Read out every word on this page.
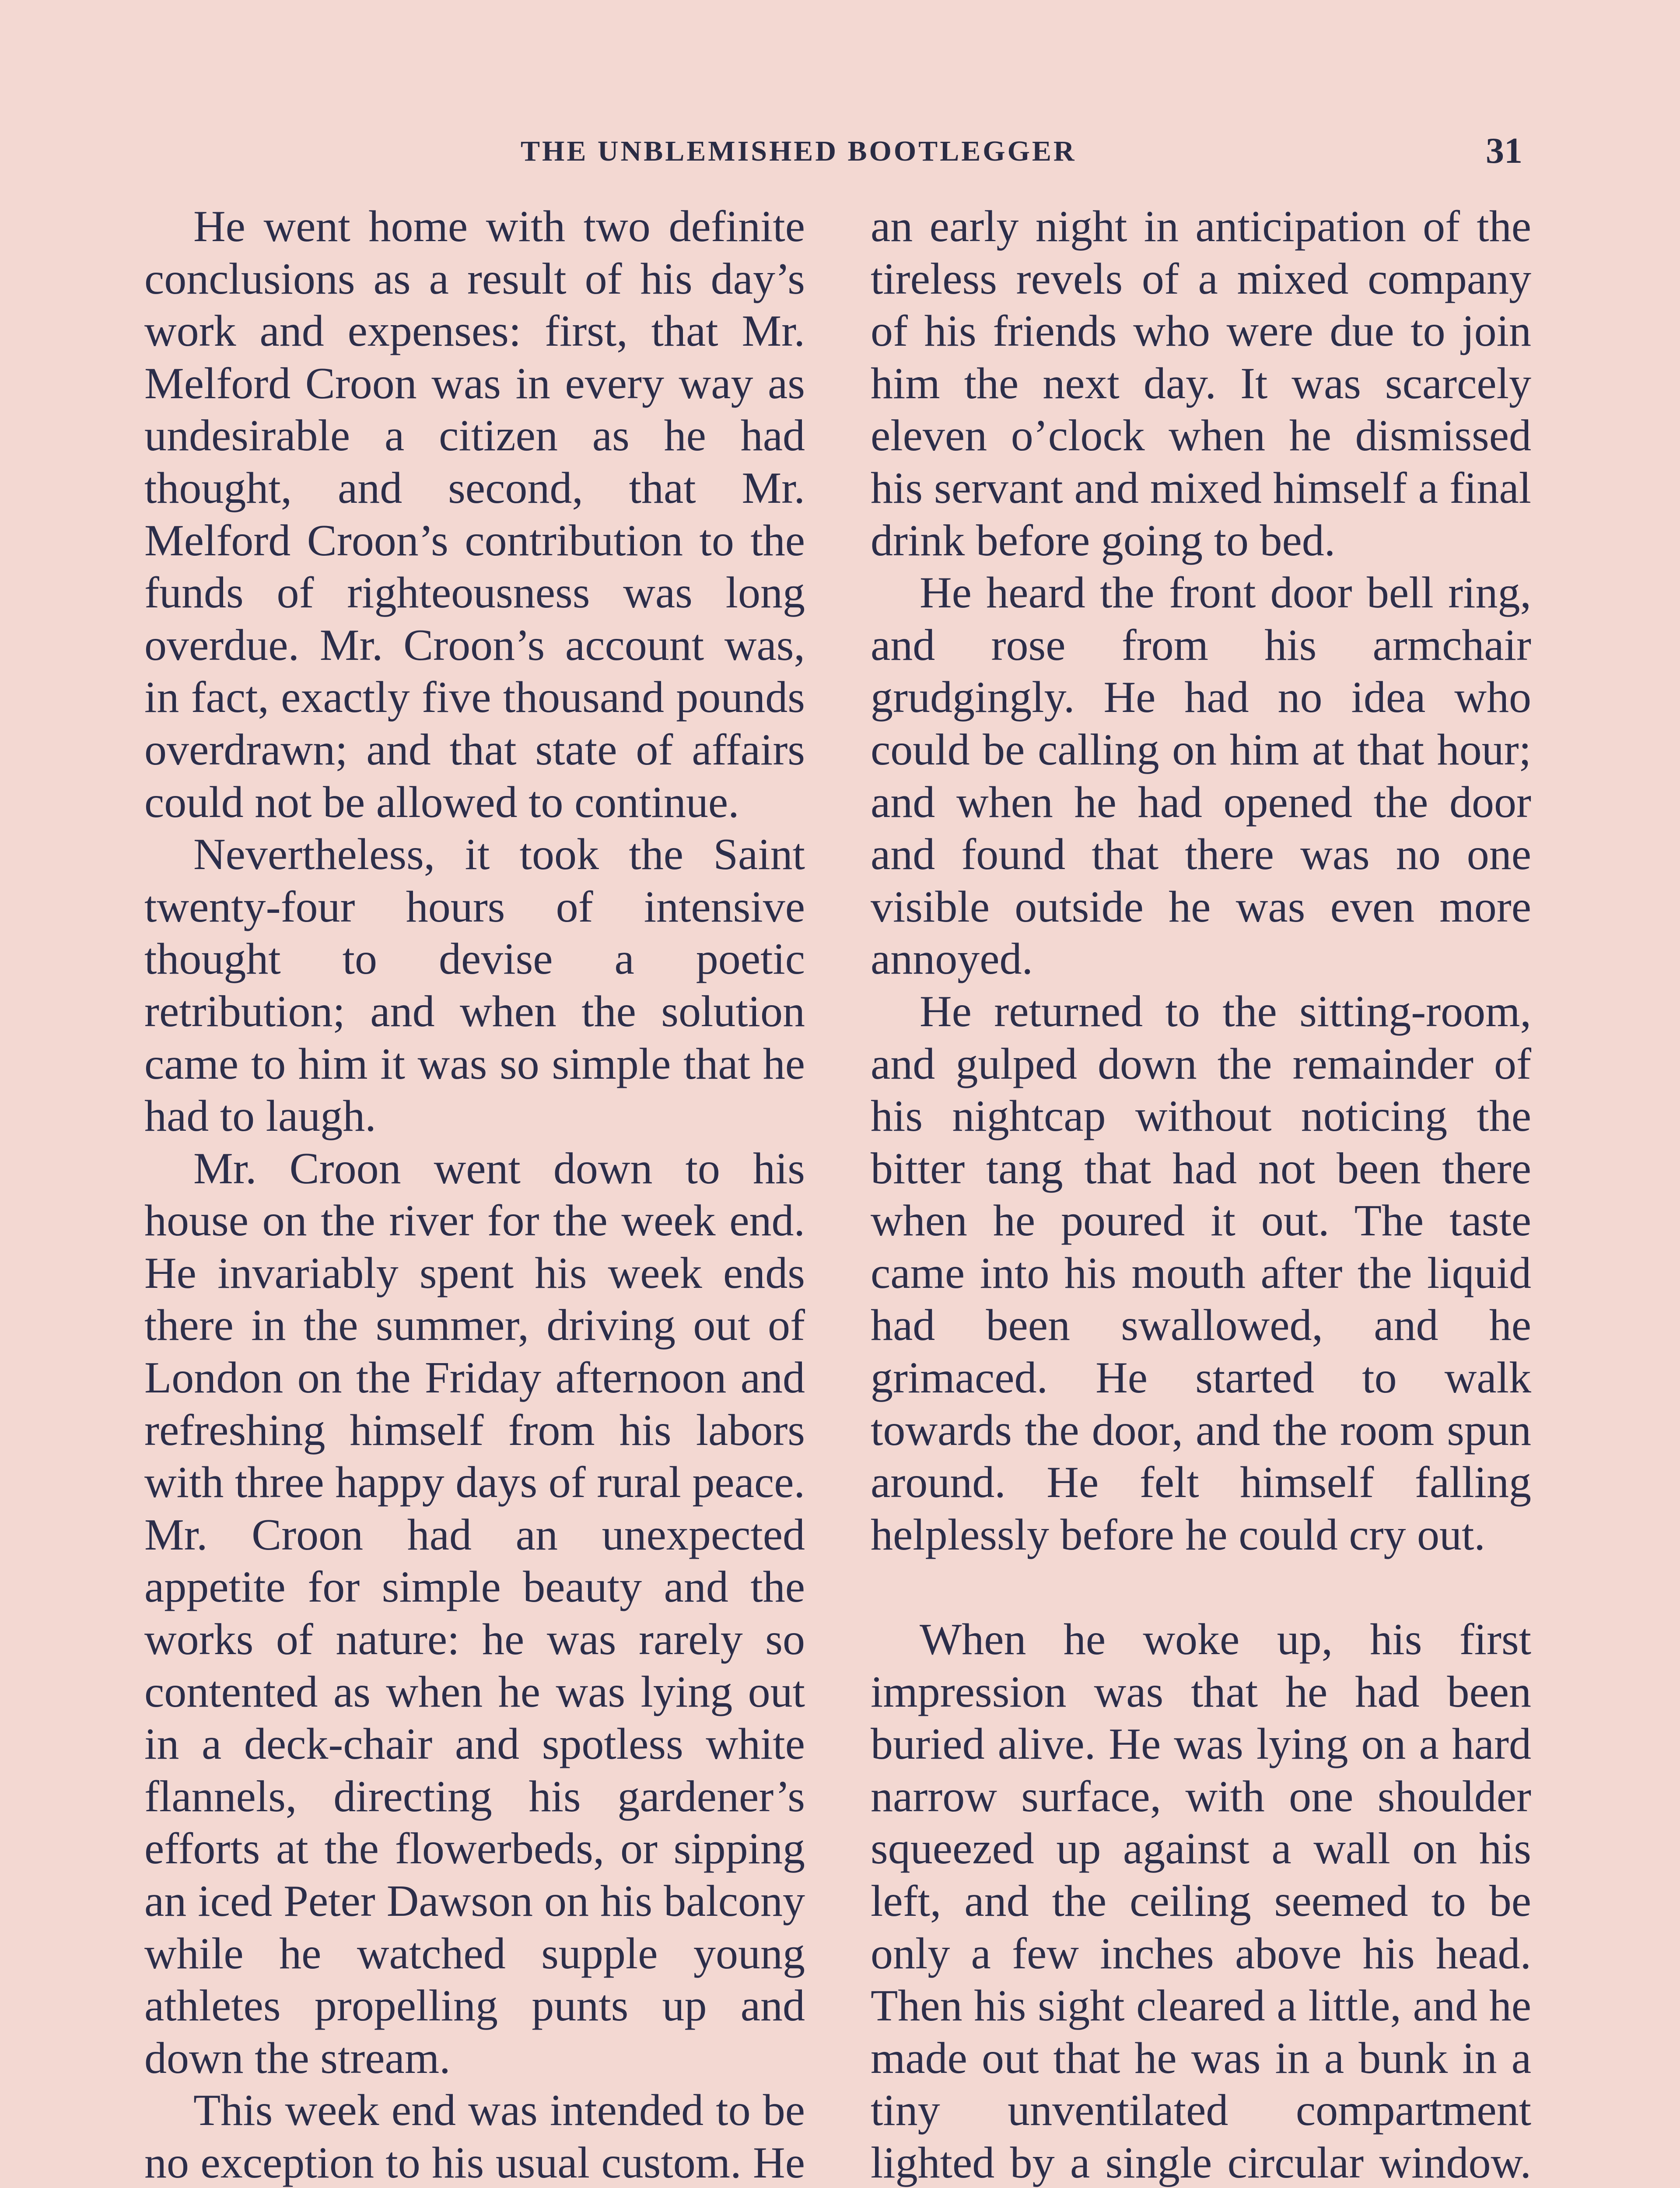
THE UNBLEMISHED BOOTLEGGER	31

He went home with two definite conclusions as a result of his day’s work and expenses: first, that Mr. Melford Croon was in every way as undesirable a citizen as he had thought, and second, that Mr. Melford Croon’s contribution to the funds of righteousness was long overdue. Mr. Croon’s account was, in fact, exactly five thousand pounds overdrawn; and that state of affairs could not be allowed to continue.

Nevertheless, it took the Saint twenty-four hours of intensive thought to devise a poetic retribution; and when the solution came to him it was so simple that he had to laugh.

Mr. Croon went down to his house on the river for the week end. He invariably spent his week ends there in the summer, driving out of London on the Friday afternoon and refreshing himself from his labors with three happy days of rural peace. Mr. Croon had an unexpected appetite for simple beauty and the works of nature: he was rarely so contented as when he was lying out in a deck-chair and spotless white flannels, directing his gardener’s efforts at the flowerbeds, or sipping an iced Peter Dawson on his balcony while he watched supple young athletes propelling punts up and down the stream.

This week end was intended to be no exception to his usual custom. He

an early night in anticipation of the tireless revels of a mixed company of his friends who were due to join him the next day. It was scarcely eleven o’clock when he dismissed his servant and mixed himself a final drink before going to bed.

He heard the front door bell ring, and rose from his armchair grudgingly. He had no idea who could be calling on him at that hour; and when he had opened the door and found that there was no one visible outside he was even more annoyed.

He returned to the sitting-room, and gulped down the remainder of his nightcap without noticing the bitter tang that had not been there when he poured it out. The taste came into his mouth after the liquid had been swallowed, and he grimaced. He started to walk towards the door, and the room spun around. He felt himself falling helplessly before he could cry out.

When he woke up, his first impression was that he had been buried alive. He was lying on a hard narrow surface, with one shoulder squeezed up against a wall on his left, and the ceiling seemed to be only a few inches above his head. Then his sight cleared a little, and he made out that he was in a bunk in a tiny unventilated compartment lighted by a single circular window.
